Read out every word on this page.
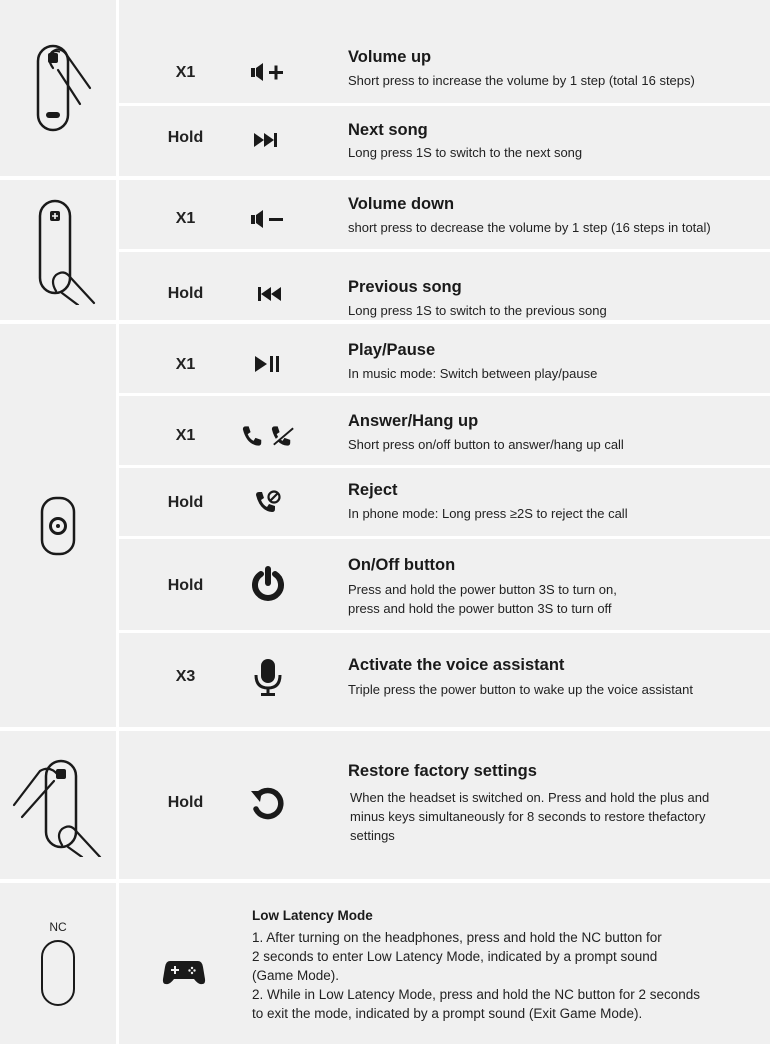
X1
Volume up
Short press to increase the volume by 1 step (total 16 steps)
Hold	Next song
Long press 1S to switch to the next song
X1
Volume down
short press to decrease the volume by 1 step (16 steps in total)
Hold	Previous song
Long press 1S to switch to the previous song
X1
Play/Pause
In music mode: Switch between play/pause
X1
Answer/Hang up
Short press on/off button to answer/hang up call
Hold
Reject
In phone mode: Long press ≥2S to reject the call
Hold
On/Off button
Press and hold the power button 3S to turn on,
press and hold the power button 3S to turn off
X3
Activate the voice assistant
Triple press the power button to wake up the voice assistant
Hold
Restore factory settings
When the headset is switched on. Press and hold the plus and
minus keys simultaneously for 8 seconds to restore thefactory
settings
NC
Low Latency Mode
1. After turning on the headphones, press and hold the NC button for
2 seconds to enter Low Latency Mode, indicated by a prompt sound
(Game Mode).
2. While in Low Latency Mode, press and hold the NC button for 2 seconds
to exit the mode, indicated by a prompt sound (Exit Game Mode).
